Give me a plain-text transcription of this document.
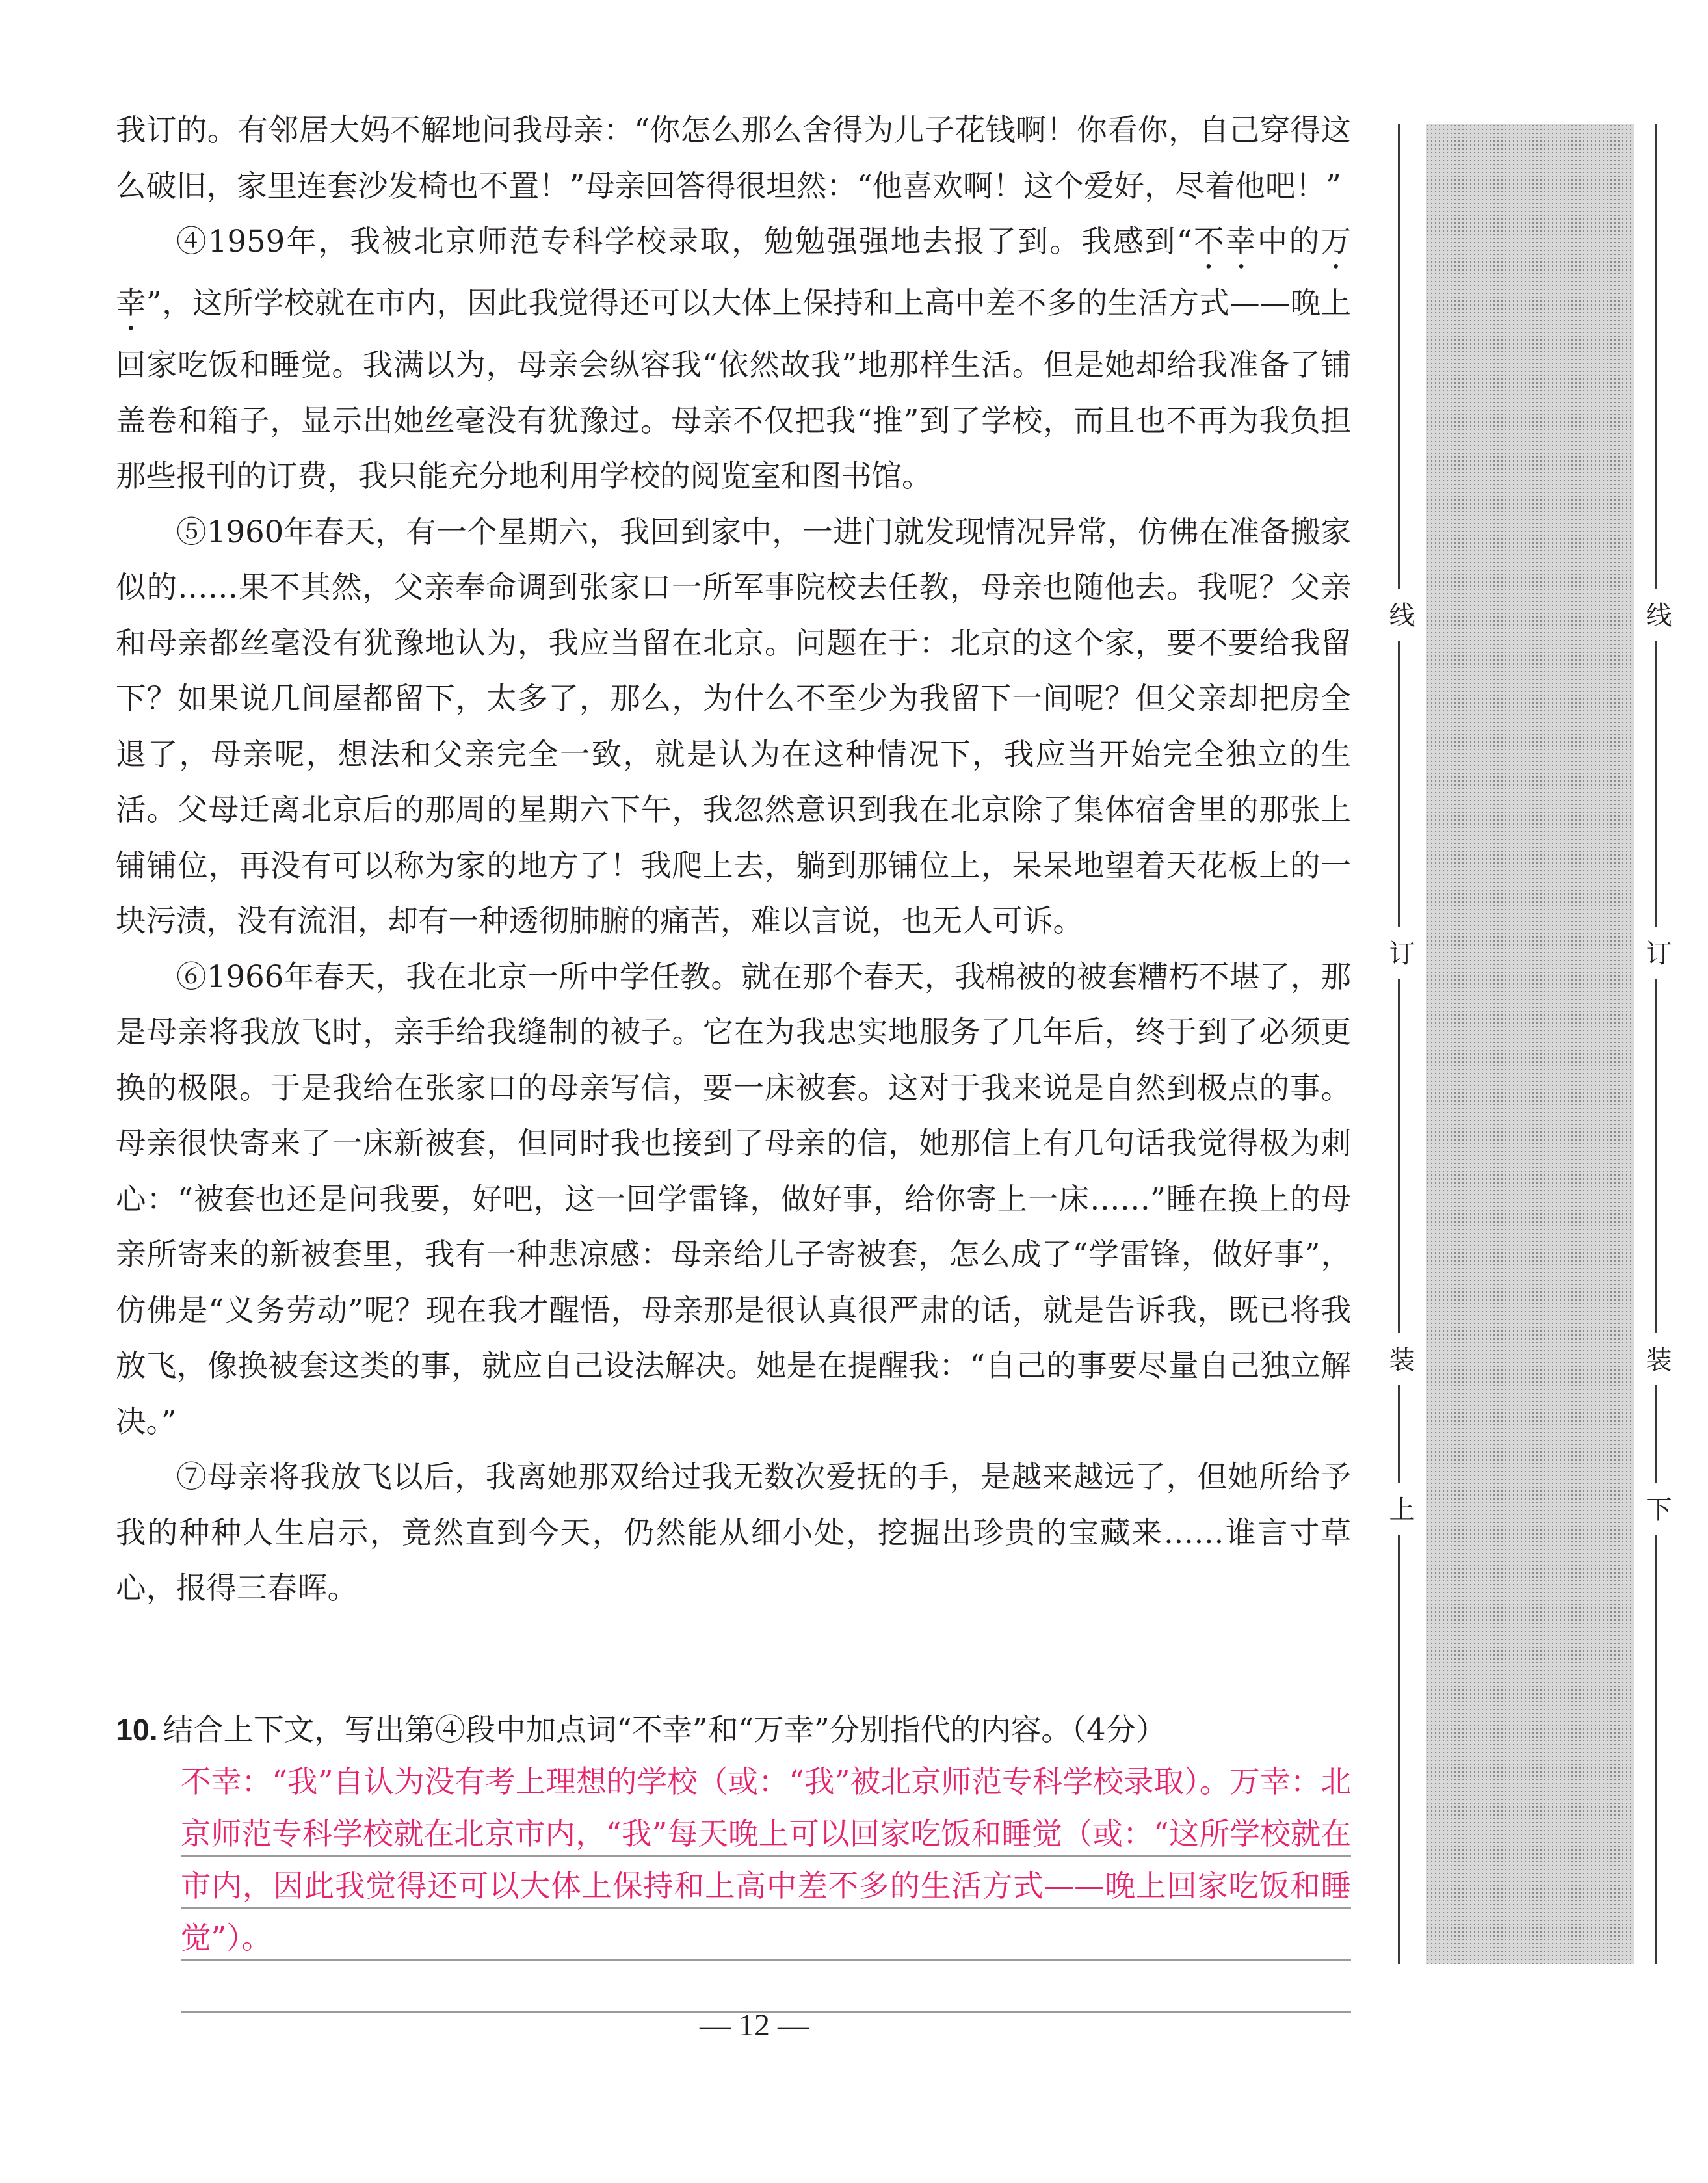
我订的。有邻居大妈不解地问我母亲：“你怎么那么舍得为儿子花钱啊！你看你，自己穿得这么破旧，家里连套沙发椅也不置！”母亲回答得很坦然：“他喜欢啊！这个爱好，尽着他吧！”

④1959年，我被北京师范专科学校录取，勉勉强强地去报了到。我感到“不幸中的万幸”，这所学校就在市内，因此我觉得还可以大体上保持和上高中差不多的生活方式——晚上回家吃饭和睡觉。我满以为，母亲会纵容我“依然故我”地那样生活。但是她却给我准备了铺盖卷和箱子，显示出她丝毫没有犹豫过。母亲不仅把我“推”到了学校，而且也不再为我负担那些报刊的订费，我只能充分地利用学校的阅览室和图书馆。

⑤1960年春天，有一个星期六，我回到家中，一进门就发现情况异常，仿佛在准备搬家似的……果不其然，父亲奉命调到张家口一所军事院校去任教，母亲也随他去。我呢？父亲和母亲都丝毫没有犹豫地认为，我应当留在北京。问题在于：北京的这个家，要不要给我留下？如果说几间屋都留下，太多了，那么，为什么不至少为我留下一间呢？但父亲却把房全退了，母亲呢，想法和父亲完全一致，就是认为在这种情况下，我应当开始完全独立的生活。父母迁离北京后的那周的星期六下午，我忽然意识到我在北京除了集体宿舍里的那张上铺铺位，再没有可以称为家的地方了！我爬上去，躺到那铺位上，呆呆地望着天花板上的一块污渍，没有流泪，却有一种透彻肺腑的痛苦，难以言说，也无人可诉。

⑥1966年春天，我在北京一所中学任教。就在那个春天，我棉被的被套糟朽不堪了，那是母亲将我放飞时，亲手给我缝制的被子。它在为我忠实地服务了几年后，终于到了必须更换的极限。于是我给在张家口的母亲写信，要一床被套。这对于我来说是自然到极点的事。母亲很快寄来了一床新被套，但同时我也接到了母亲的信，她那信上有几句话我觉得极为刺心：“被套也还是问我要，好吧，这一回学雷锋，做好事，给你寄上一床……”睡在换上的母亲所寄来的新被套里，我有一种悲凉感：母亲给儿子寄被套，怎么成了“学雷锋，做好事”，仿佛是“义务劳动”呢？现在我才醒悟，母亲那是很认真很严肃的话，就是告诉我，既已将我放飞，像换被套这类的事，就应自己设法解决。她是在提醒我：“自己的事要尽量自己独立解决。”

⑦母亲将我放飞以后，我离她那双给过我无数次爱抚的手，是越来越远了，但她所给予我的种种人生启示，竟然直到今天，仍然能从细小处，挖掘出珍贵的宝藏来……谁言寸草心，报得三春晖。

10. 结合上下文，写出第④段中加点词“不幸”和“万幸”分别指代的内容。（4分）
不幸：“我”自认为没有考上理想的学校（或：“我”被北京师范专科学校录取）。万幸：北京师范专科学校就在北京市内，“我”每天晚上可以回家吃饭和睡觉（或：“这所学校就在市内，因此我觉得还可以大体上保持和上高中差不多的生活方式——晚上回家吃饭和睡觉”）。
— 12 —
线
订
装
上
线
订
装
下
